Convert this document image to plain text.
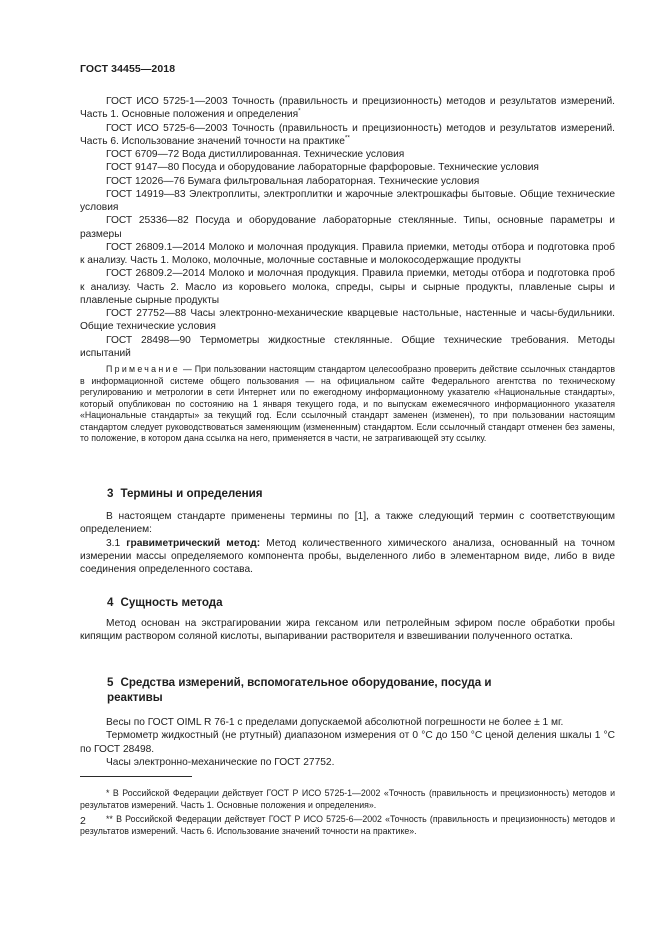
ГОСТ 34455—2018

ГОСТ ИСО 5725-1—2003 Точность (правильность и прецизионность) методов и результатов измерений. Часть 1. Основные положения и определения*

ГОСТ ИСО 5725-6—2003 Точность (правильность и прецизионность) методов и результатов измерений. Часть 6. Использование значений точности на практике**

ГОСТ 6709—72 Вода дистиллированная. Технические условия

ГОСТ 9147—80 Посуда и оборудование лабораторные фарфоровые. Технические условия

ГОСТ 12026—76 Бумага фильтровальная лабораторная. Технические условия

ГОСТ 14919—83 Электроплиты, электроплитки и жарочные электрошкафы бытовые. Общие технические условия

ГОСТ 25336—82 Посуда и оборудование лабораторные стеклянные. Типы, основные параметры и размеры

ГОСТ 26809.1—2014 Молоко и молочная продукция. Правила приемки, методы отбора и подготовка проб к анализу. Часть 1. Молоко, молочные, молочные составные и молокосодержащие продукты

ГОСТ 26809.2—2014 Молоко и молочная продукция. Правила приемки, методы отбора и подготовка проб к анализу. Часть 2. Масло из коровьего молока, спреды, сыры и сырные продукты, плавленые сыры и плавленые сырные продукты

ГОСТ 27752—88 Часы электронно-механические кварцевые настольные, настенные и часы-будильники. Общие технические условия

ГОСТ 28498—90 Термометры жидкостные стеклянные. Общие технические требования. Методы испытаний

Примечание — При пользовании настоящим стандартом целесообразно проверить действие ссылочных стандартов в информационной системе общего пользования — на официальном сайте Федерального агентства по техническому регулированию и метрологии в сети Интернет или по ежегодному информационному указателю «Национальные стандарты», который опубликован по состоянию на 1 января текущего года, и по выпускам ежемесячного информационного указателя «Национальные стандарты» за текущий год. Если ссылочный стандарт заменен (изменен), то при пользовании настоящим стандартом следует руководствоваться заменяющим (измененным) стандартом. Если ссылочный стандарт отменен без замены, то положение, в котором дана ссылка на него, применяется в части, не затрагивающей эту ссылку.

3 Термины и определения

В настоящем стандарте применены термины по [1], а также следующий термин с соответствующим определением:

3.1 гравиметрический метод: Метод количественного химического анализа, основанный на точном измерении массы определяемого компонента пробы, выделенного либо в элементарном виде, либо в виде соединения определенного состава.

4 Сущность метода

Метод основан на экстрагировании жира гексаном или петролейным эфиром после обработки пробы кипящим раствором соляной кислоты, выпаривании растворителя и взвешивании полученного остатка.

5 Средства измерений, вспомогательное оборудование, посуда и
реактивы

Весы по ГОСТ OIML R 76-1 с пределами допускаемой абсолютной погрешности не более ± 1 мг.

Термометр жидкостный (не ртутный) диапазоном измерения от 0 °С до 150 °С ценой деления шкалы 1 °С по ГОСТ 28498.

Часы электронно-механические по ГОСТ 27752.

* В Российской Федерации действует ГОСТ Р ИСО 5725-1—2002 «Точность (правильность и прецизионность) методов и результатов измерений. Часть 1. Основные положения и определения».

** В Российской Федерации действует ГОСТ Р ИСО 5725-6—2002 «Точность (правильность и прецизионность) методов и результатов измерений. Часть 6. Использование значений точности на практике».

2
